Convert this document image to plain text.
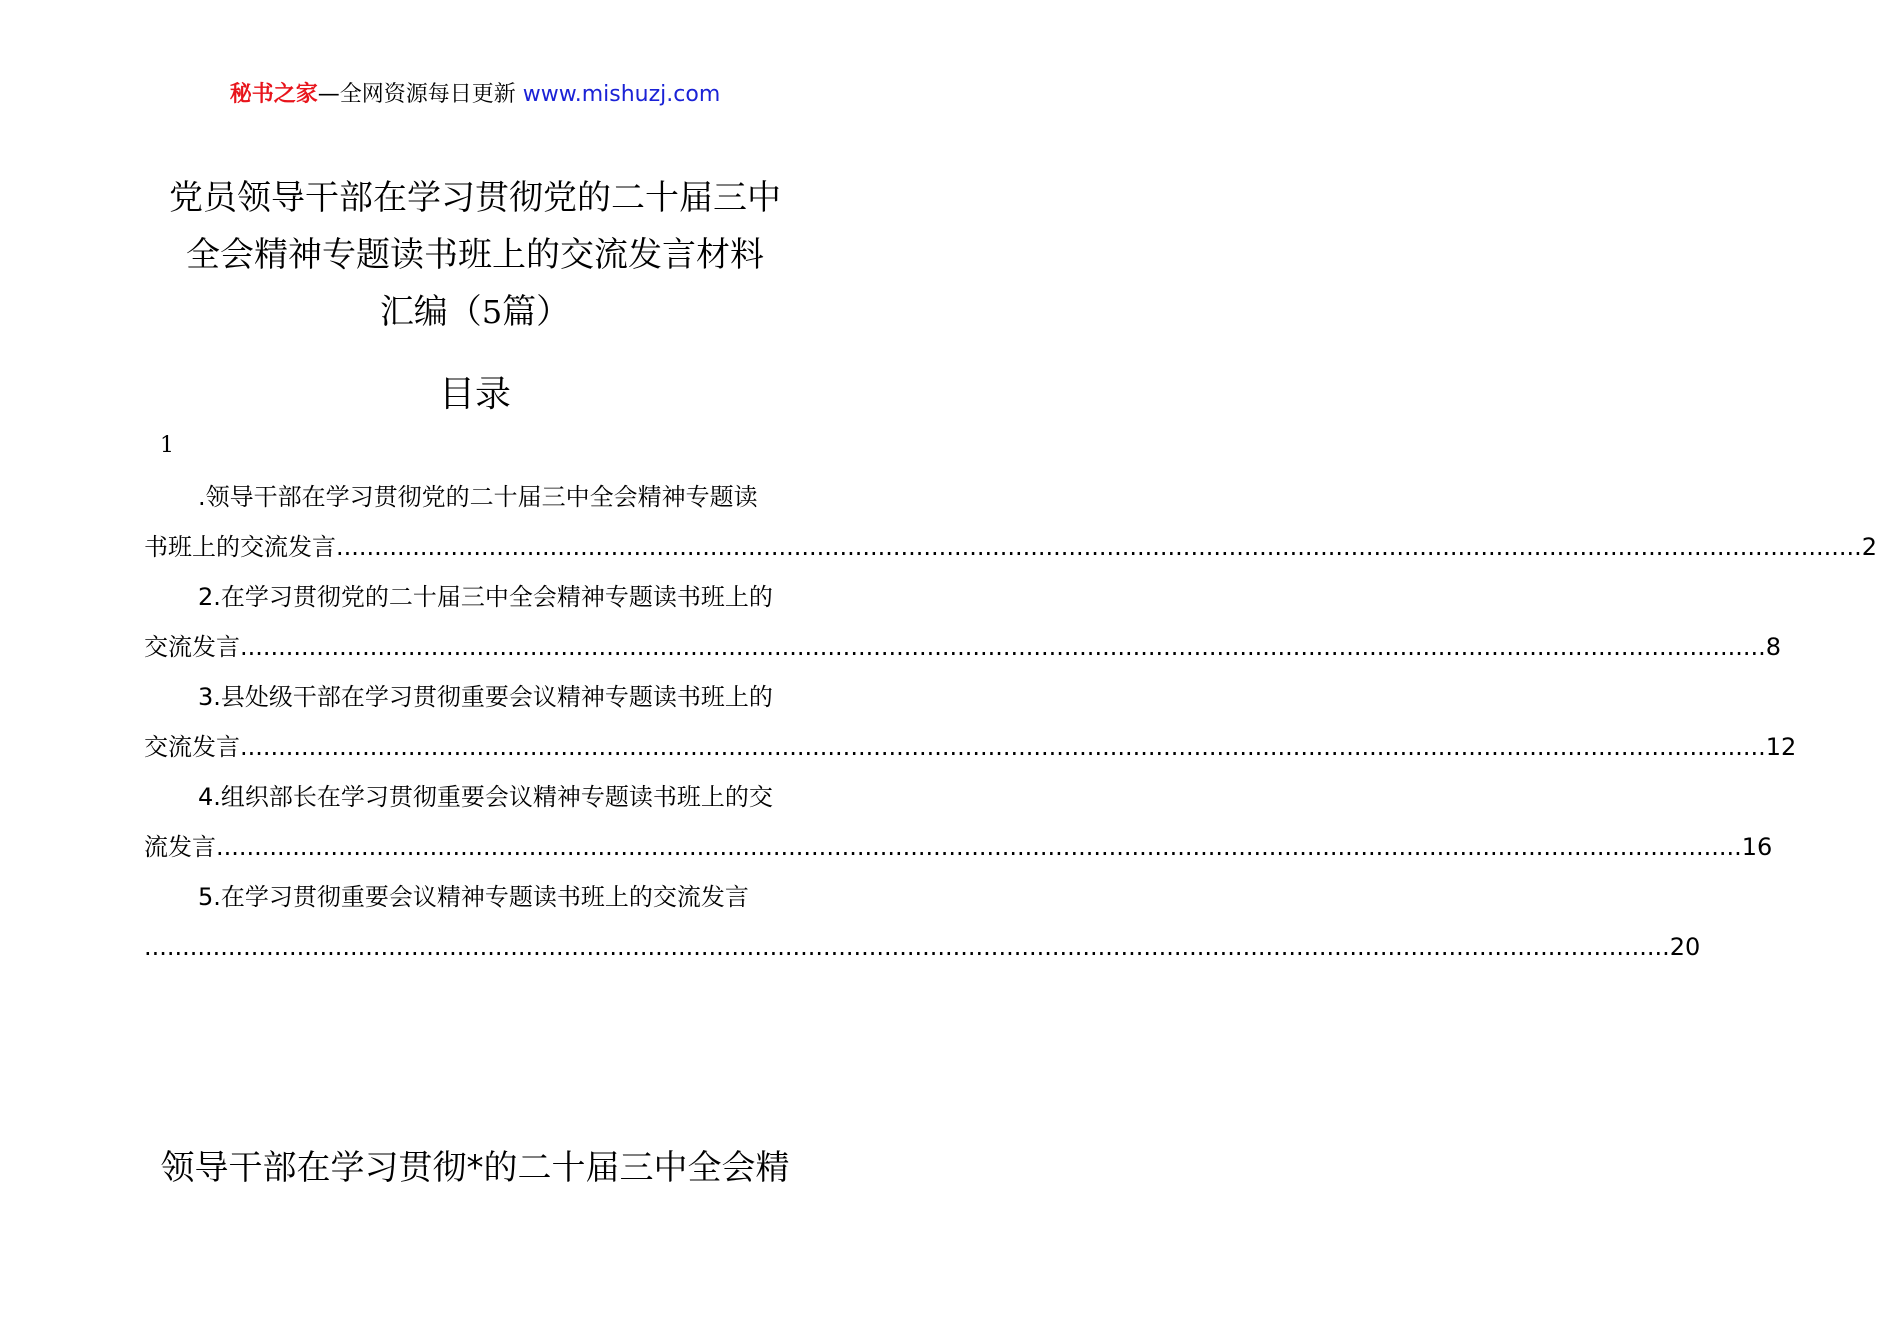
秘书之家—全网资源每日更新 www.mishuzj.com
党员领导干部在学习贯彻党的二十届三中
全会精神专题读书班上的交流发言材料
汇编（5篇）
目录
1
.领导干部在学习贯彻党的二十届三中全会精神专题读
书班上的交流发言 ........................................................................................................................................................................................................ 2
2.在学习贯彻党的二十届三中全会精神专题读书班上的
交流发言 ........................................................................................................................................................................................................ 8
3.县处级干部在学习贯彻重要会议精神专题读书班上的
交流发言 ........................................................................................................................................................................................................ 12
4.组织部长在学习贯彻重要会议精神专题读书班上的交
流发言 ........................................................................................................................................................................................................ 16
5.在学习贯彻重要会议精神专题读书班上的交流发言
........................................................................................................................................................................................................ 20
领导干部在学习贯彻*的二十届三中全会精
